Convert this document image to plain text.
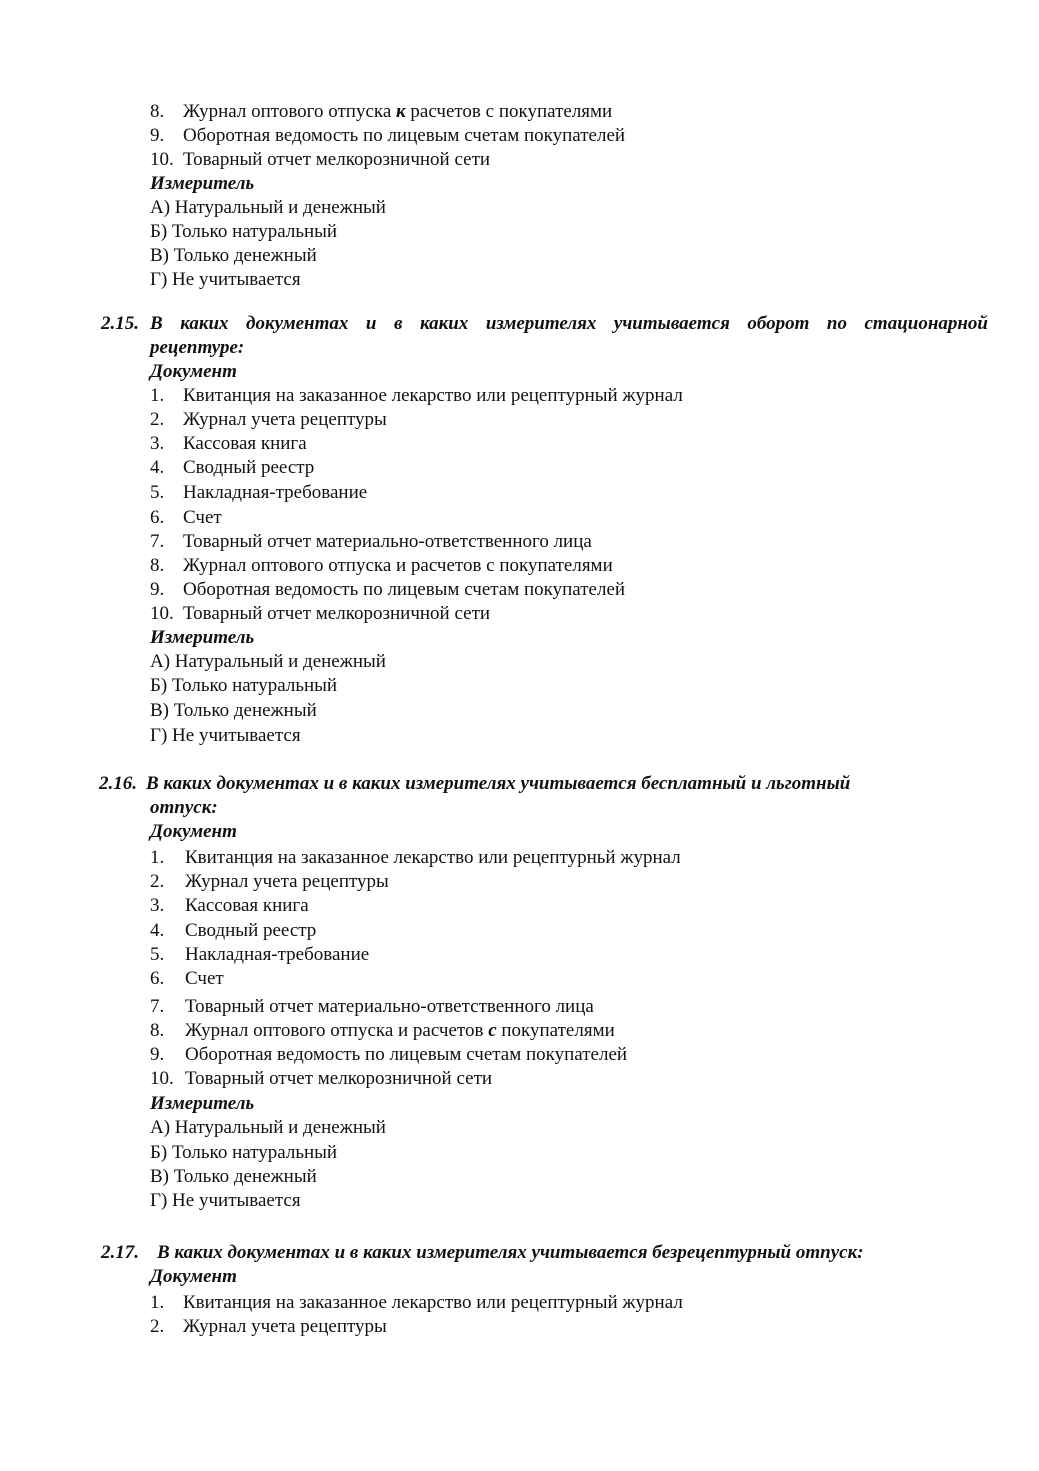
8. Журнал оптового отпуска к расчетов с покупателями
9. Оборотная ведомость по лицевым счетам покупателей
10. Товарный отчет мелкорозничной сети
Измеритель
А) Натуральный и денежный
Б) Только натуральный
В) Только денежный
Г) Не учитывается
2.15. В каких документах и в каких измерителях учитывается оборот по стационарной
рецептуре:
Документ
1. Квитанция на заказанное лекарство или рецептурный журнал
2. Журнал учета рецептуры
3. Кассовая книга
4. Сводный реестр
5. Накладная-требование
6. Счет
7. Товарный отчет материально-ответственного лица
8. Журнал оптового отпуска и расчетов с покупателями
9. Оборотная ведомость по лицевым счетам покупателей
10. Товарный отчет мелкорозничной сети
Измеритель
А) Натуральный и денежный
Б) Только натуральный
В) Только денежный
Г) Не учитывается
2.16. В каких документах и в каких измерителях учитывается бесплатный и льготный
отпуск:
Документ
1. Квитанция на заказанное лекарство или рецептурньй журнал
2. Журнал учета рецептуры
3. Кассовая книга
4. Сводный реестр
5. Накладная-требование
6. Счет
7. Товарный отчет материально-ответственного лица
8. Журнал оптового отпуска и расчетов с покупателями
9. Оборотная ведомость по лицевым счетам покупателей
10. Товарный отчет мелкорозничной сети
Измеритель
А) Натуральный и денежный
Б) Только натуральный
В) Только денежный
Г) Не учитывается
2.17. В каких документах и в каких измерителях учитывается безрецептурный отпуск:
Документ
1. Квитанция на заказанное лекарство или рецептурный журнал
2. Журнал учета рецептуры
